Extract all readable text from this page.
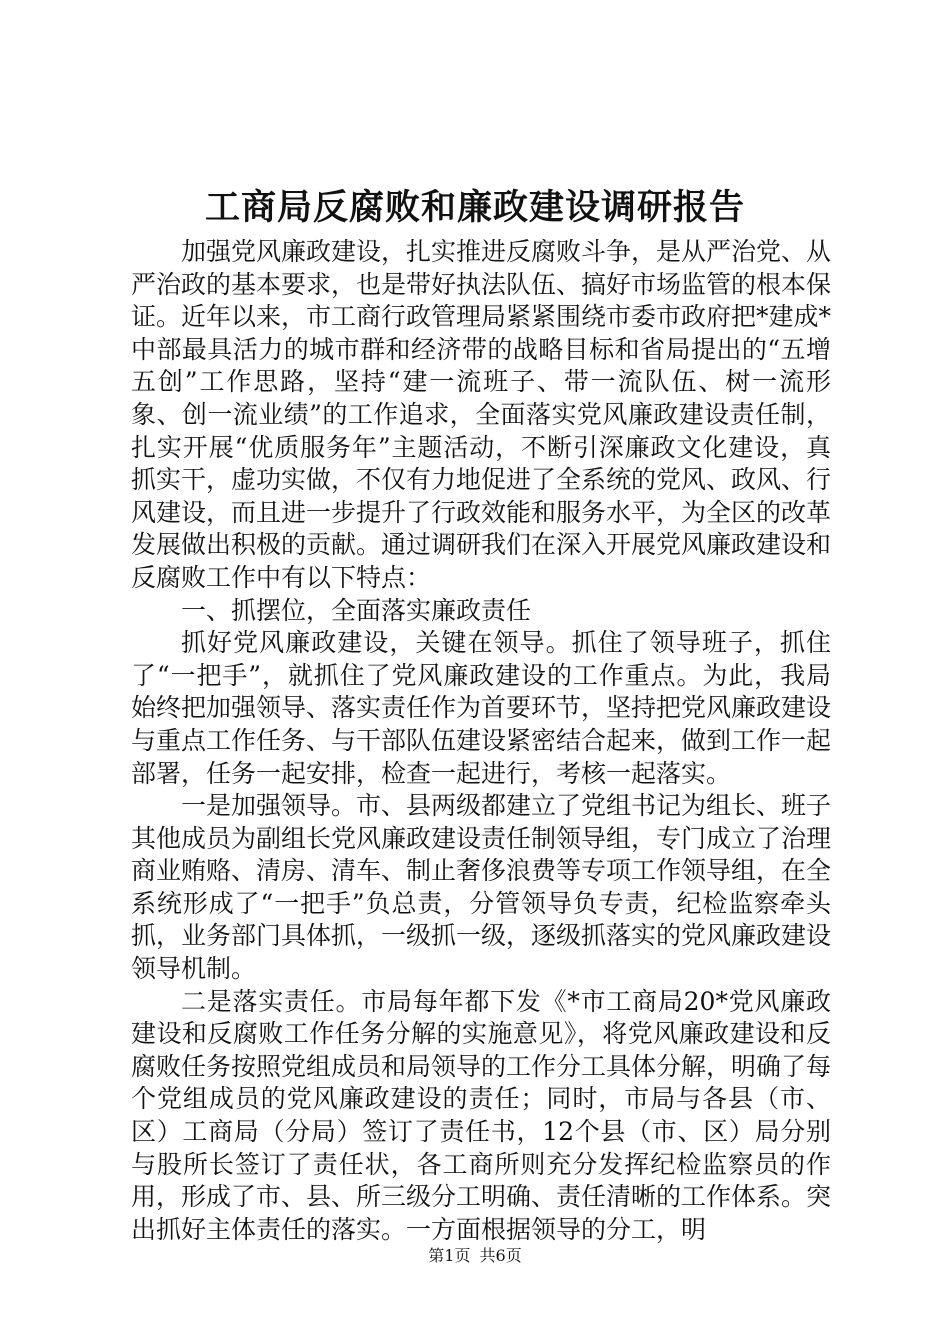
工商局反腐败和廉政建设调研报告

加强党风廉政建设，扎实推进反腐败斗争，是从严治党、从严治政的基本要求，也是带好执法队伍、搞好市场监管的根本保证。近年以来，市工商行政管理局紧紧围绕市委市政府把*建成*中部最具活力的城市群和经济带的战略目标和省局提出的“五增五创”工作思路，坚持“建一流班子、带一流队伍、树一流形象、创一流业绩”的工作追求，全面落实党风廉政建设责任制，扎实开展“优质服务年”主题活动，不断引深廉政文化建设，真抓实干，虚功实做，不仅有力地促进了全系统的党风、政风、行风建设，而且进一步提升了行政效能和服务水平，为全区的改革发展做出积极的贡献。通过调研我们在深入开展党风廉政建设和反腐败工作中有以下特点：

一、抓摆位，全面落实廉政责任

抓好党风廉政建设，关键在领导。抓住了领导班子，抓住了“一把手”，就抓住了党风廉政建设的工作重点。为此，我局始终把加强领导、落实责任作为首要环节，坚持把党风廉政建设与重点工作任务、与干部队伍建设紧密结合起来，做到工作一起部署，任务一起安排，检查一起进行，考核一起落实。

一是加强领导。市、县两级都建立了党组书记为组长、班子其他成员为副组长党风廉政建设责任制领导组，专门成立了治理商业贿赂、清房、清车、制止奢侈浪费等专项工作领导组，在全系统形成了“一把手”负总责，分管领导负专责，纪检监察牵头抓，业务部门具体抓，一级抓一级，逐级抓落实的党风廉政建设领导机制。

二是落实责任。市局每年都下发《*市工商局20*党风廉政建设和反腐败工作任务分解的实施意见》，将党风廉政建设和反腐败任务按照党组成员和局领导的工作分工具体分解，明确了每个党组成员的党风廉政建设的责任；同时，市局与各县（市、区）工商局（分局）签订了责任书，12个县（市、区）局分别与股所长签订了责任状，各工商所则充分发挥纪检监察员的作用，形成了市、县、所三级分工明确、责任清晰的工作体系。突出抓好主体责任的落实。一方面根据领导的分工，明

第1页 共6页
